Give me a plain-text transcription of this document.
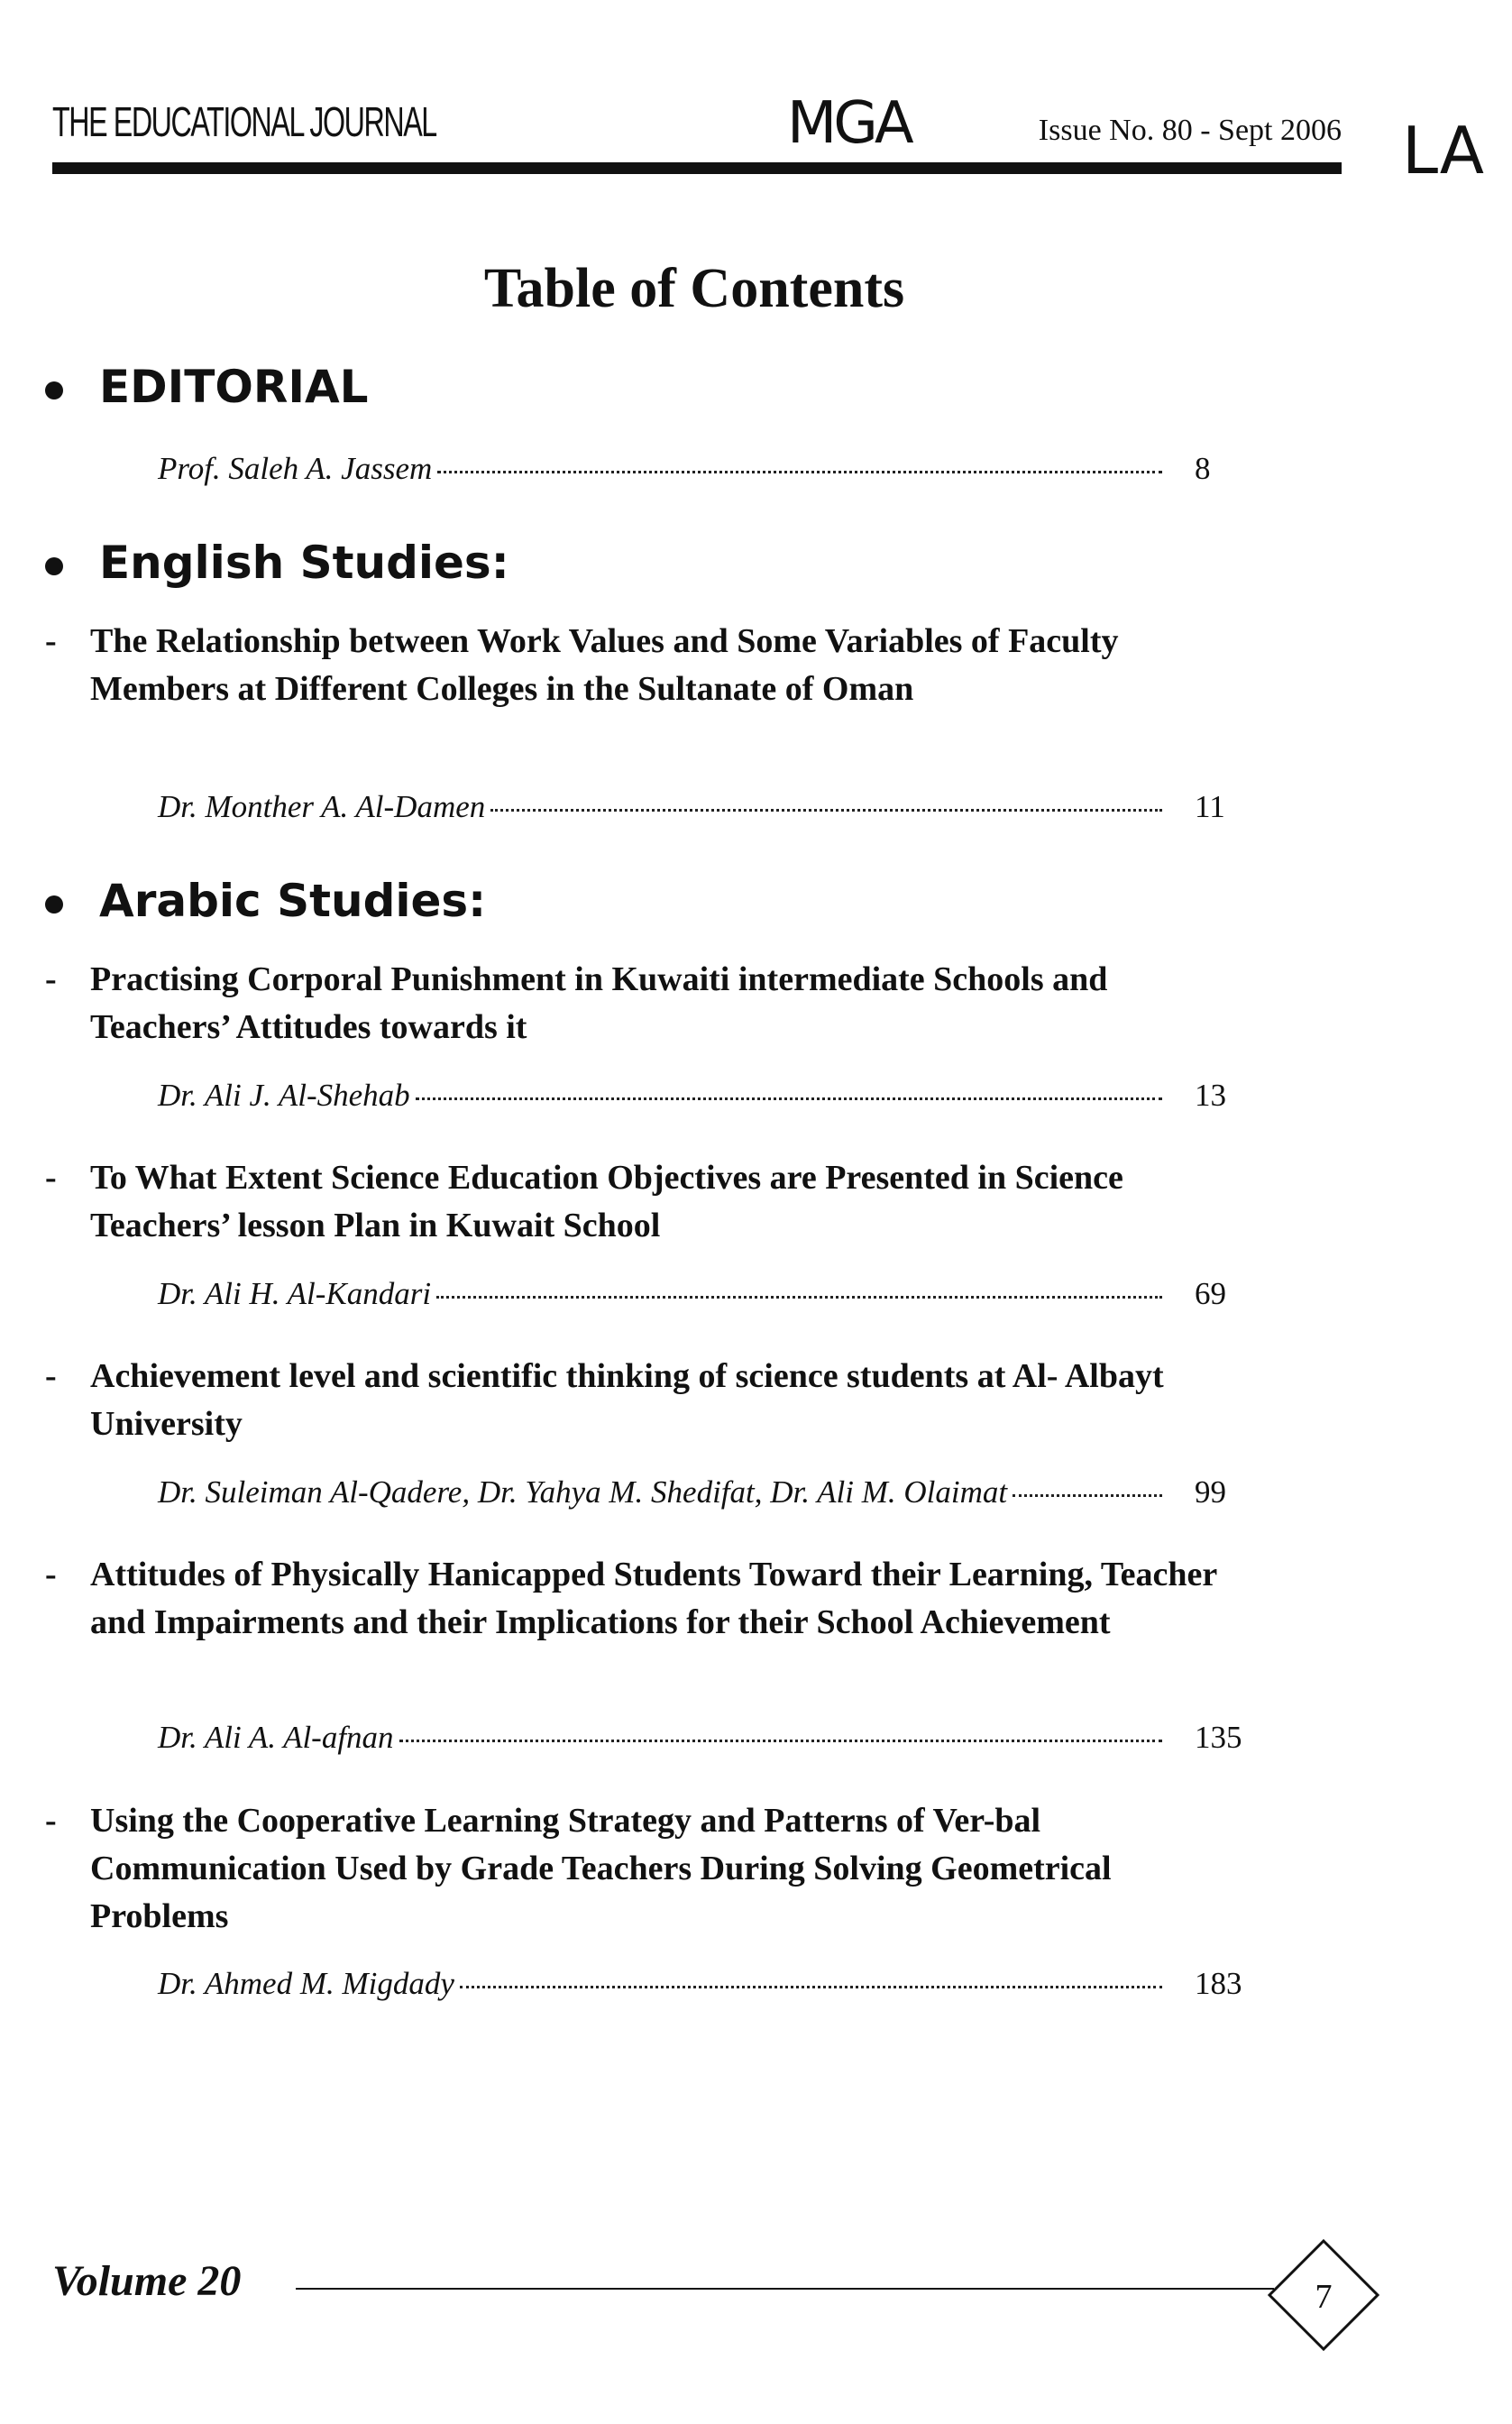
THE EDUCATIONAL JOURNAL	MGA	Issue No. 80 - Sept 2006 LA
Table of Contents
EDITORIAL
Prof. Saleh A. Jassem	8
English Studies:
- The Relationship between Work Values and Some Variables of Faculty Members at Different Colleges in the Sultanate of Oman
Dr. Monther A. Al-Damen	11
Arabic Studies:
- Practising Corporal Punishment in Kuwaiti intermediate Schools and Teachers’ Attitudes towards it
Dr. Ali J. Al-Shehab	13
- To What Extent Science Education Objectives are Presented in Science Teachers’ lesson Plan in Kuwait School
Dr. Ali H. Al-Kandari	69
- Achievement level and scientific thinking of science students at Al- Albayt University
Dr. Suleiman Al-Qadere, Dr. Yahya M. Shedifat, Dr. Ali M. Olaimat	99
- Attitudes of Physically Hanicapped Students Toward their Learning, Teacher and Impairments and their Implications for their School Achievement
Dr. Ali A. Al-afnan	135
- Using the Cooperative Learning Strategy and Patterns of Ver-bal Communication Used by Grade Teachers During Solving Geometrical Problems
Dr. Ahmed M. Migdady	183
Volume 20	7
